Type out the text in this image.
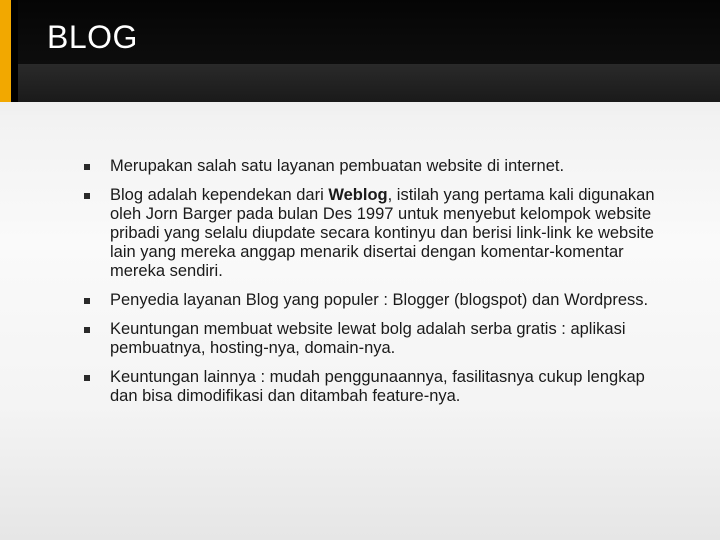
BLOG
Merupakan salah satu layanan pembuatan website di internet.
Blog adalah kependekan dari Weblog, istilah yang pertama kali digunakan oleh Jorn Barger pada bulan Des 1997 untuk menyebut kelompok website pribadi yang selalu diupdate secara kontinyu dan berisi link-link ke website lain yang mereka anggap menarik disertai dengan komentar-komentar mereka sendiri.
Penyedia layanan Blog yang populer : Blogger (blogspot) dan Wordpress.
Keuntungan membuat website lewat bolg adalah serba gratis : aplikasi pembuatnya, hosting-nya, domain-nya.
Keuntungan lainnya : mudah penggunaannya, fasilitasnya cukup lengkap dan bisa dimodifikasi dan ditambah feature-nya.
